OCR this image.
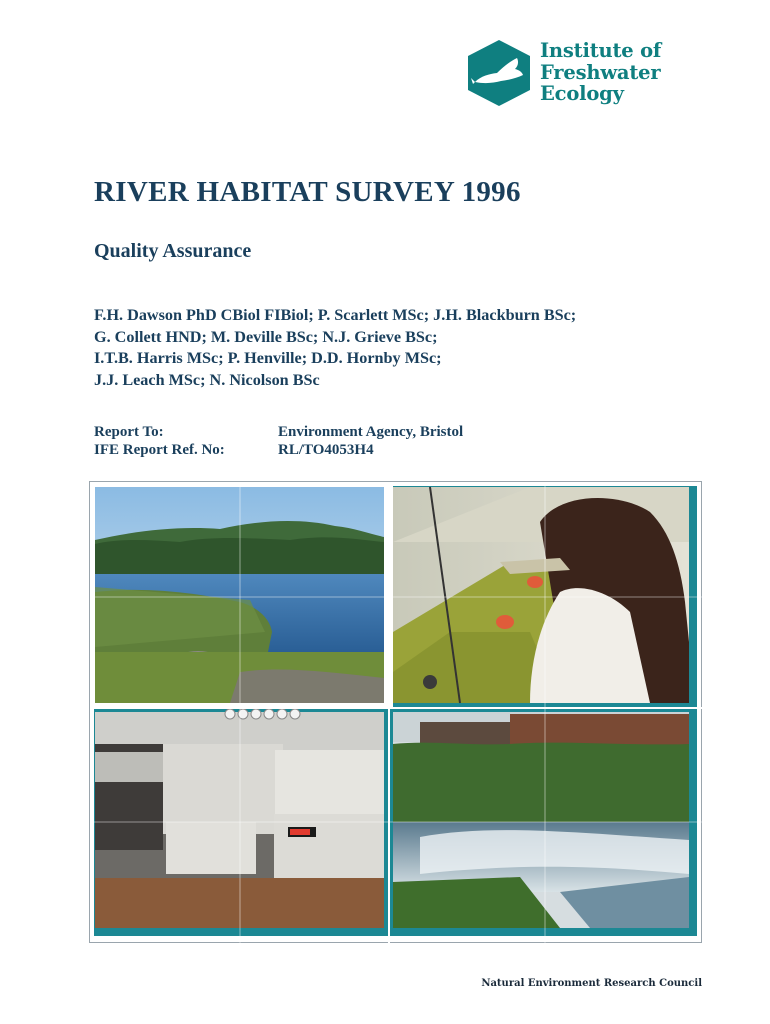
Institute of
Freshwater
Ecology
RIVER HABITAT SURVEY 1996
Quality Assurance
F.H. Dawson PhD CBiol FIBiol; P. Scarlett MSc; J.H. Blackburn BSc;
G. Collett HND; M. Deville BSc; N.J. Grieve BSc;
I.T.B. Harris MSc; P. Henville; D.D. Hornby MSc;
J.J. Leach MSc; N. Nicolson BSc
Report To:	Environment Agency, Bristol
IFE Report Ref. No:	RL/TO4053H4
Natural Environment Research Council
